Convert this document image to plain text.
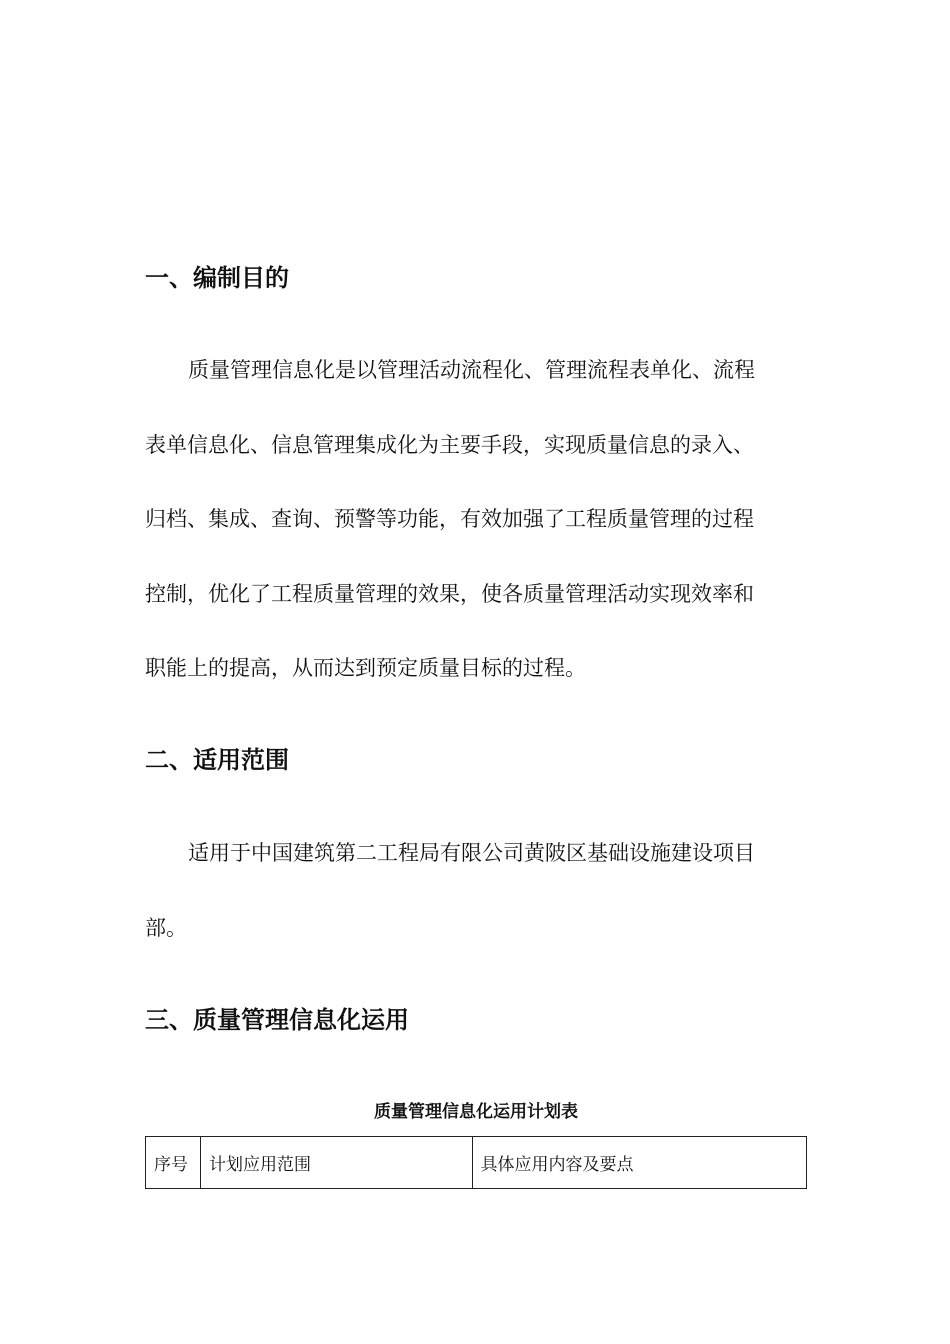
一、编制目的
质量管理信息化是以管理活动流程化、管理流程表单化、流程
表单信息化、信息管理集成化为主要手段，实现质量信息的录入、
归档、集成、查询、预警等功能，有效加强了工程质量管理的过程
控制，优化了工程质量管理的效果，使各质量管理活动实现效率和
职能上的提高，从而达到预定质量目标的过程。
二、适用范围
适用于中国建筑第二工程局有限公司黄陂区基础设施建设项目
部。
三、质量管理信息化运用
质量管理信息化运用计划表
序号	计划应用范围	具体应用内容及要点
